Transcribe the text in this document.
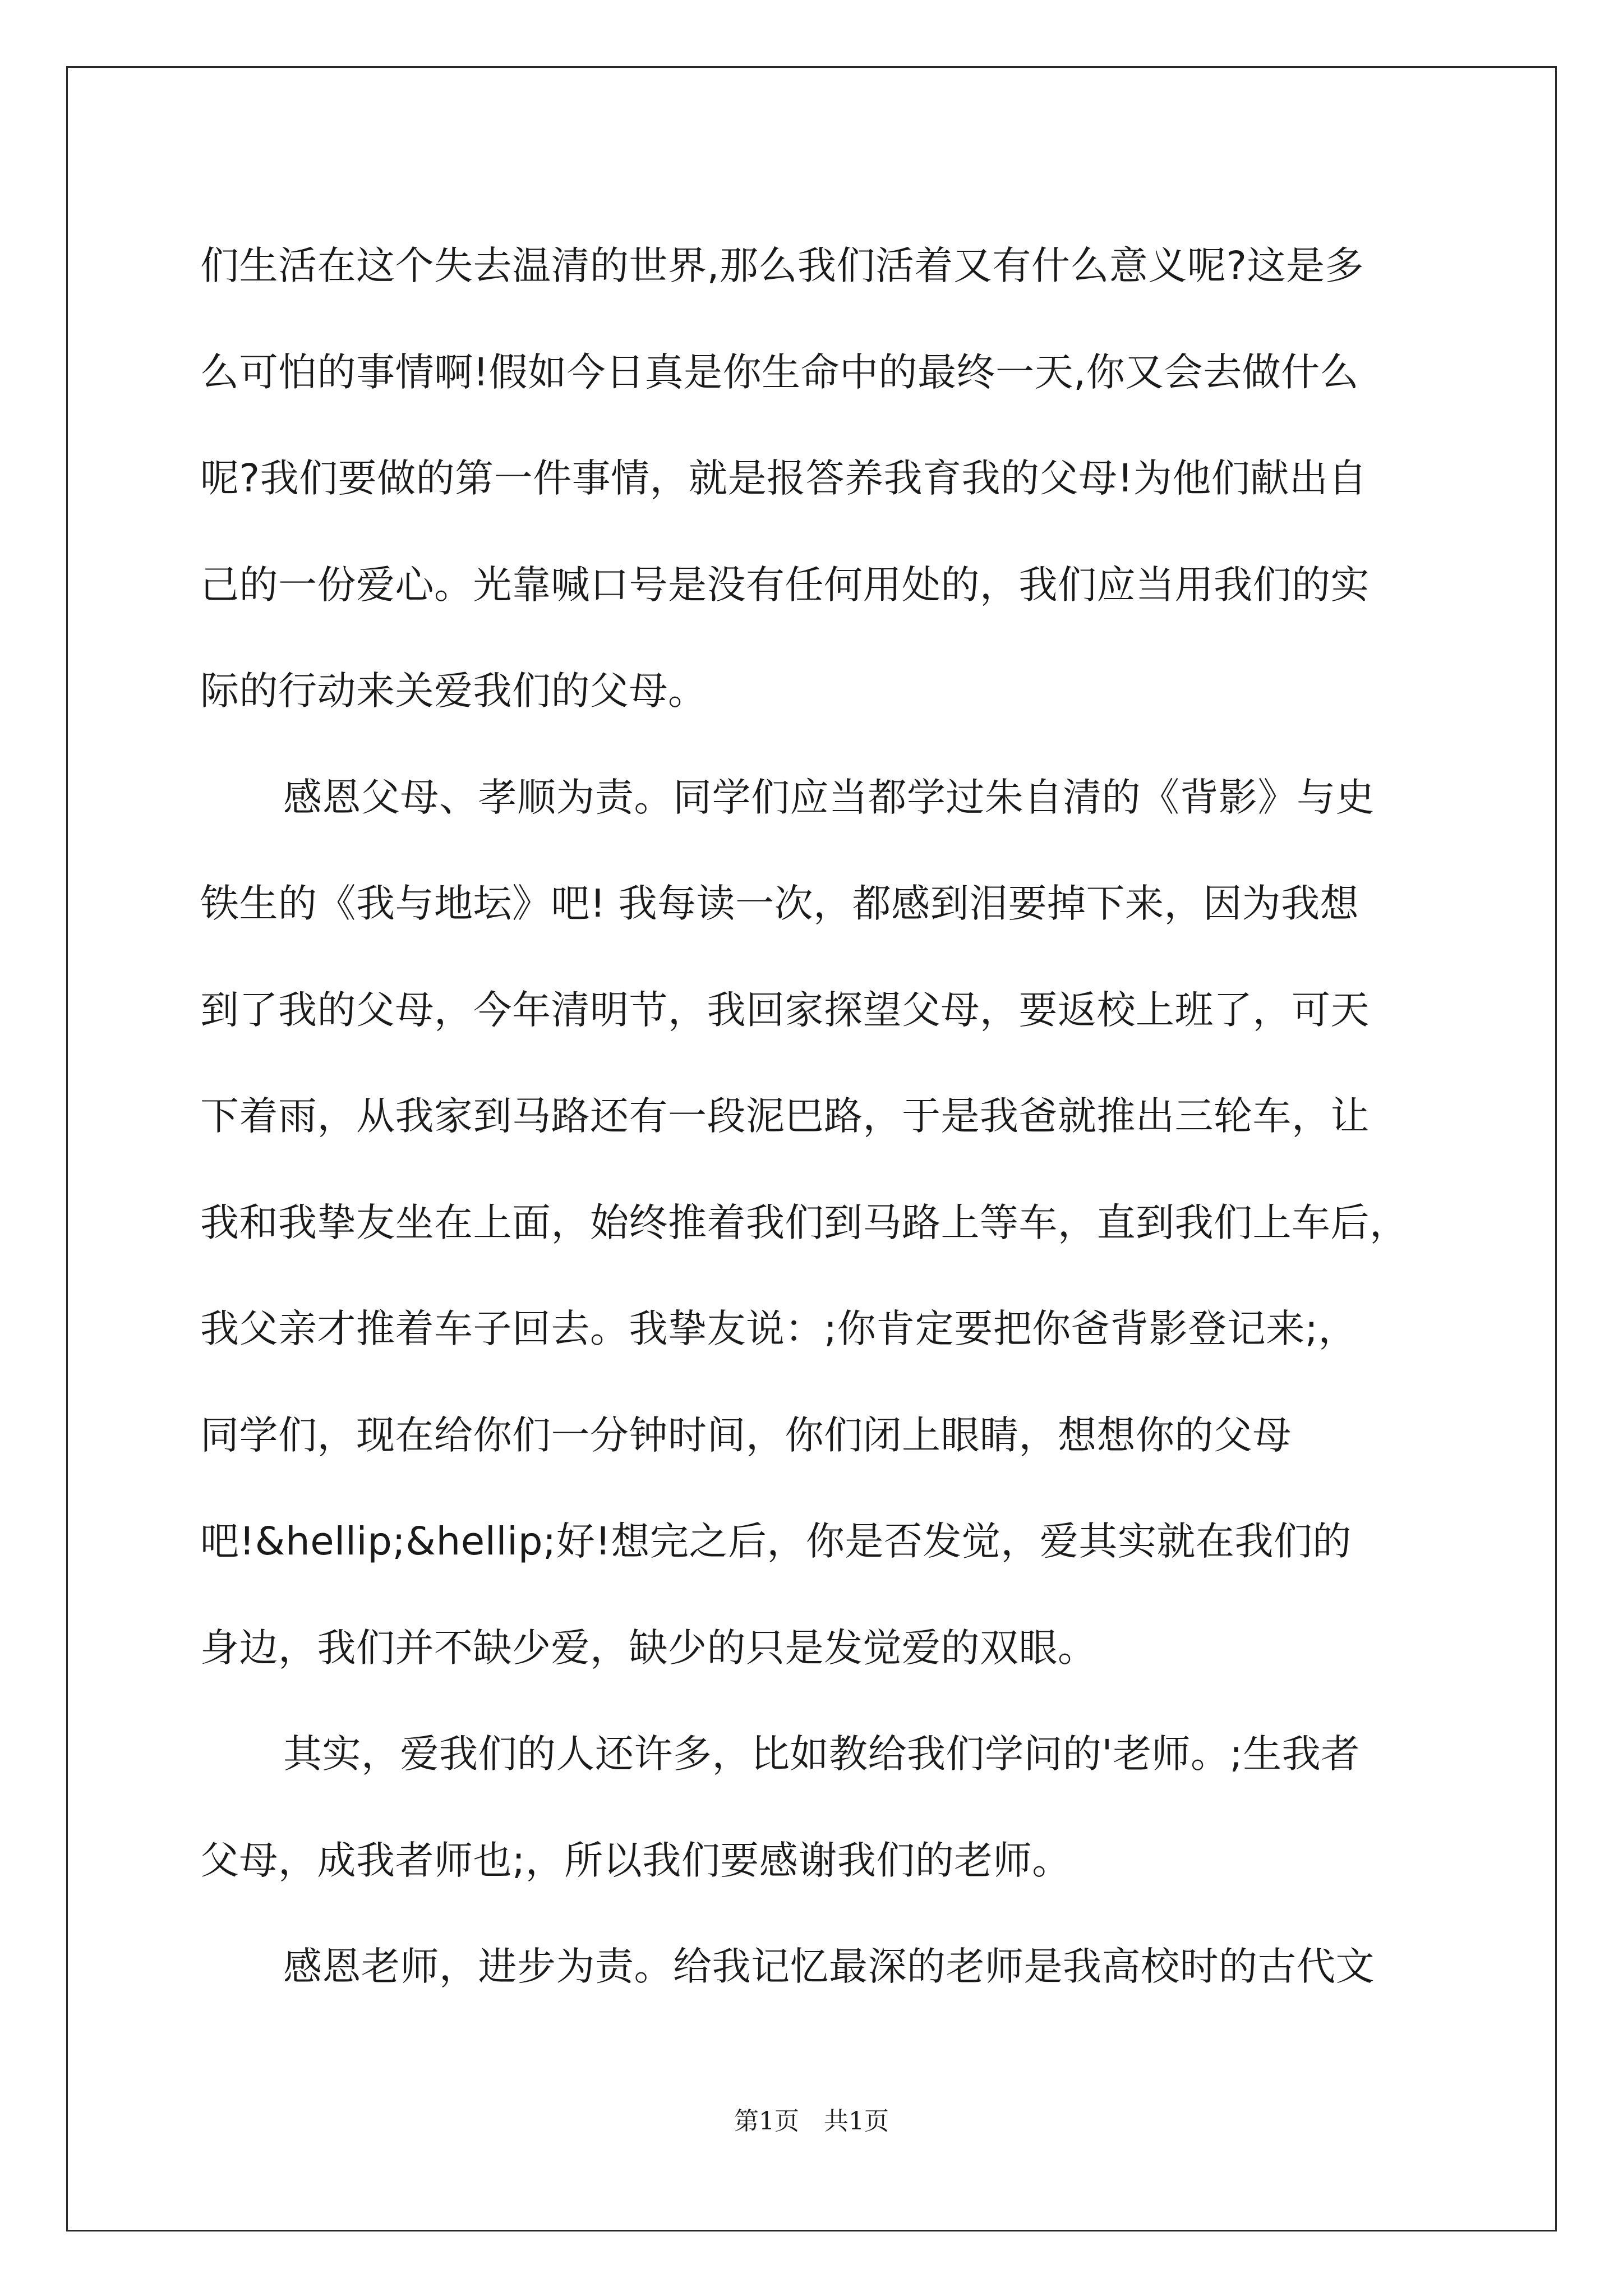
们生活在这个失去温清的世界,那么我们活着又有什么意义呢?这是多
么可怕的事情啊!假如今日真是你生命中的最终一天,你又会去做什么
呢?我们要做的第一件事情，就是报答养我育我的父母!为他们献出自
己的一份爱心。光靠喊口号是没有任何用处的，我们应当用我们的实
际的行动来关爱我们的父母。
感恩父母、孝顺为责。同学们应当都学过朱自清的《背影》与史
铁生的《我与地坛》吧! 我每读一次，都感到泪要掉下来，因为我想
到了我的父母，今年清明节，我回家探望父母，要返校上班了，可天
下着雨，从我家到马路还有一段泥巴路，于是我爸就推出三轮车，让
我和我挚友坐在上面，始终推着我们到马路上等车，直到我们上车后，
我父亲才推着车子回去。我挚友说：;你肯定要把你爸背影登记来;，
同学们，现在给你们一分钟时间，你们闭上眼睛，想想你的父母
吧!&hellip;&hellip;好!想完之后，你是否发觉，爱其实就在我们的
身边，我们并不缺少爱，缺少的只是发觉爱的双眼。
其实，爱我们的人还许多，比如教给我们学问的'老师。;生我者
父母，成我者师也;，所以我们要感谢我们的老师。
感恩老师，进步为责。给我记忆最深的老师是我高校时的古代文
第1页　共1页
